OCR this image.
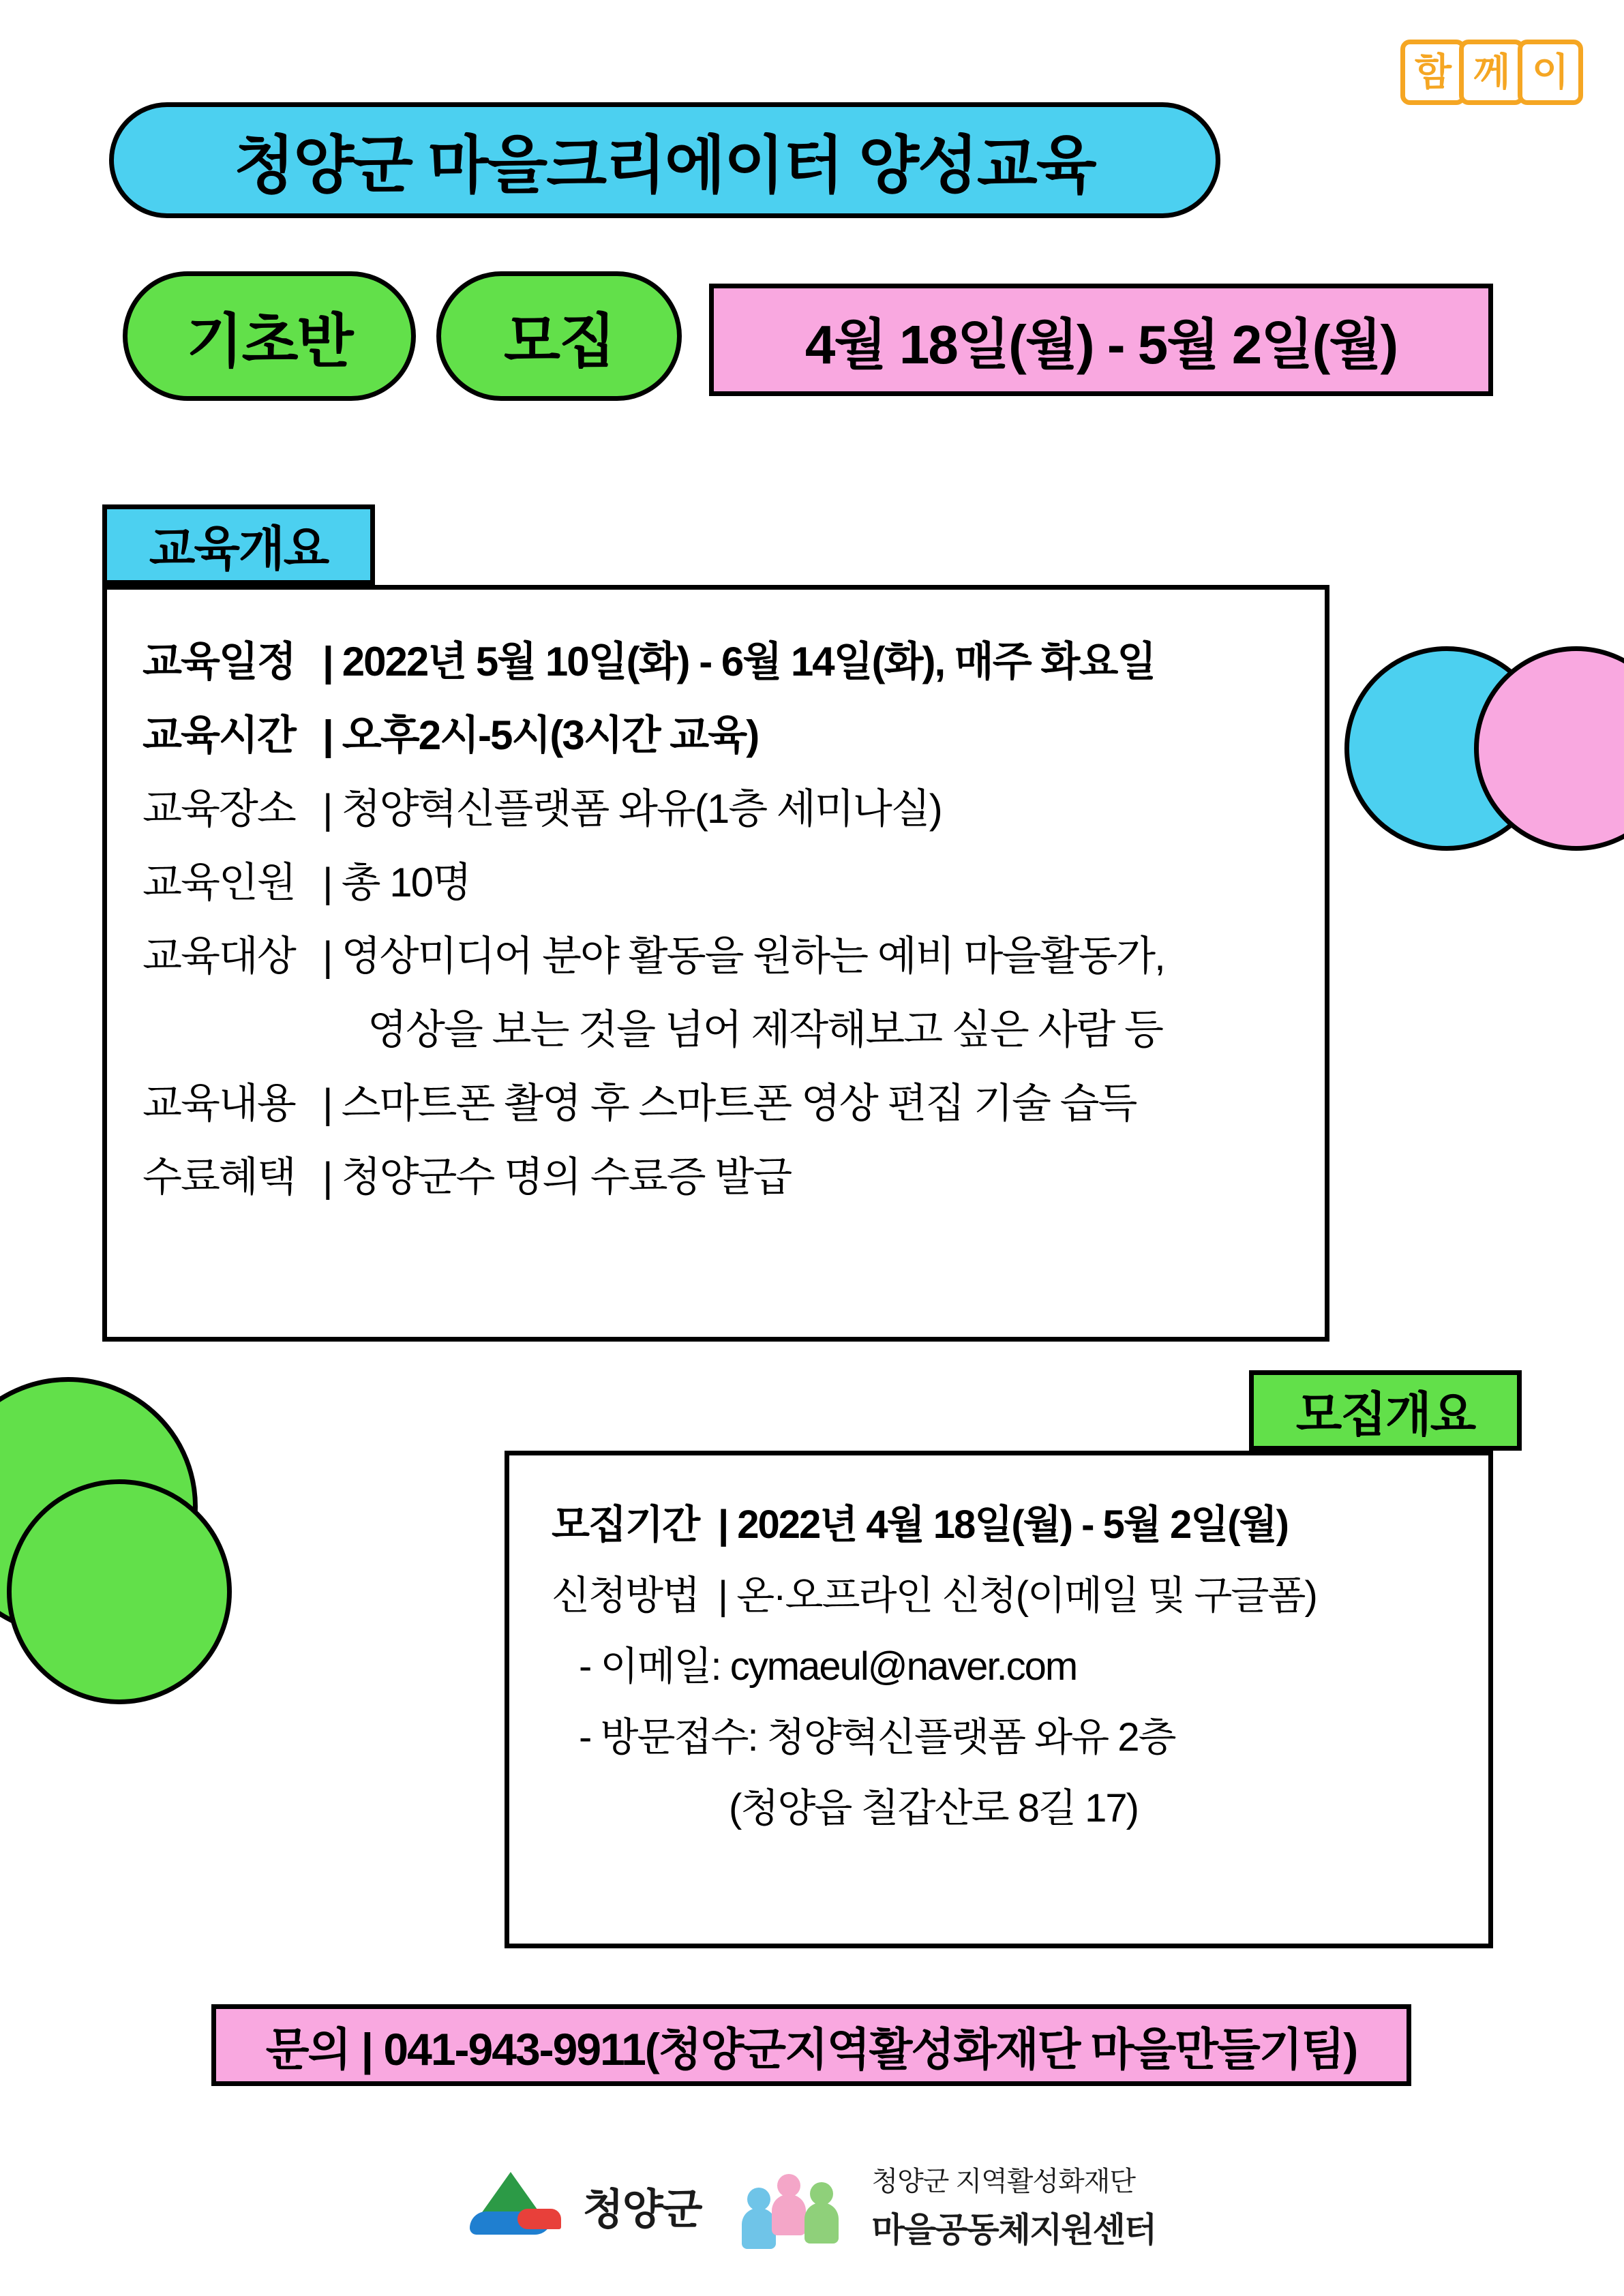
함 께 이
청양군 마을크리에이터 양성교육
기초반	모집	4월 18일(월) - 5월 2일(월)
교육개요
교육일정 | 2022년 5월 10일(화) - 6월 14일(화), 매주 화요일
교육시간 | 오후2시-5시(3시간 교육)
교육장소 | 청양혁신플랫폼 와유(1층 세미나실)
교육인원 | 총 10명
교육대상 | 영상미디어 분야 활동을 원하는 예비 마을활동가,
영상을 보는 것을 넘어 제작해보고 싶은 사람 등
교육내용 | 스마트폰 촬영 후 스마트폰 영상 편집 기술 습득
수료혜택 | 청양군수 명의 수료증 발급
모집개요
모집기간 | 2022년 4월 18일(월) - 5월 2일(월)
신청방법 | 온·오프라인 신청(이메일 및 구글폼)
- 이메일: cymaeul@naver.com
- 방문접수: 청양혁신플랫폼 와유 2층
(청양읍 칠갑산로 8길 17)
문의 | 041-943-9911(청양군지역활성화재단 마을만들기팀)
청양군
청양군 지역활성화재단
마을공동체지원센터
